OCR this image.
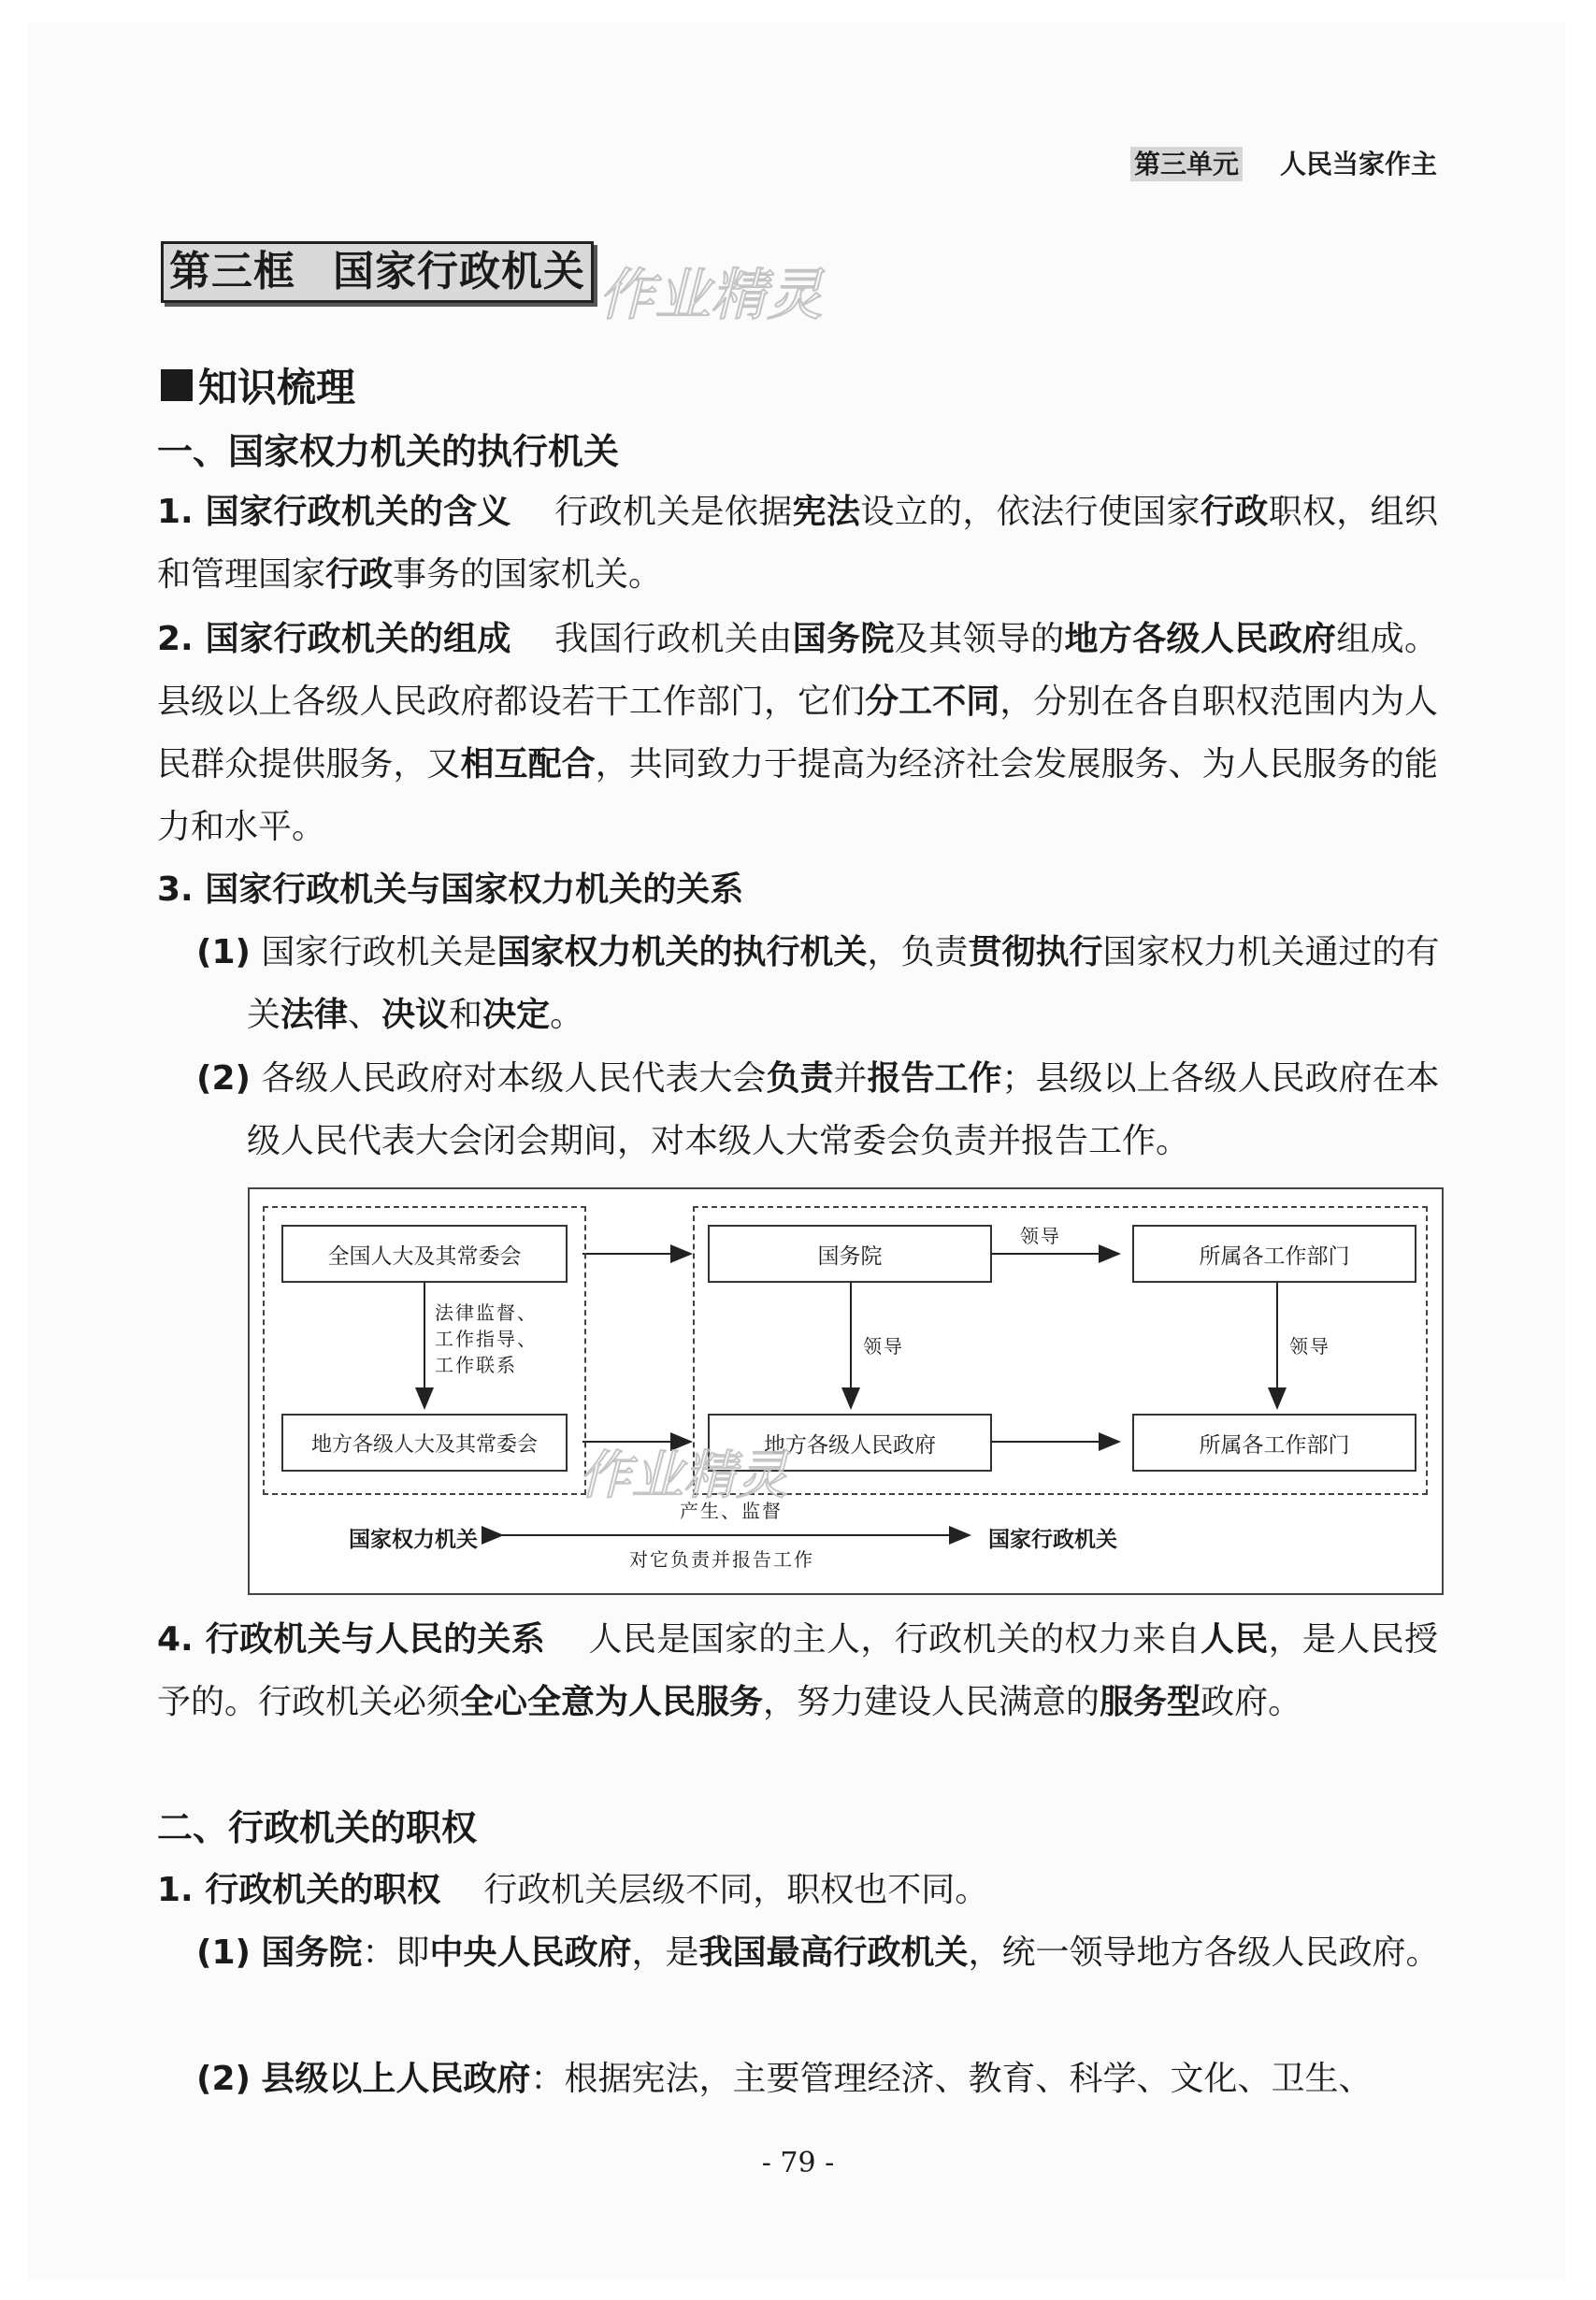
第三单元 人民当家作主
第三框 国家行政机关 作业精灵
知识梳理
一、国家权力机关的执行机关
1. 国家行政机关的含义 行政机关是依据宪法设立的，依法行使国家行政职权，组织和管理国家行政事务的国家机关。
2. 国家行政机关的组成 我国行政机关由国务院及其领导的地方各级人民政府组成。县级以上各级人民政府都设若干工作部门，它们分工不同，分别在各自职权范围内为人民群众提供服务，又相互配合，共同致力于提高为经济社会发展服务、为人民服务的能力和水平。
3. 国家行政机关与国家权力机关的关系
(1) 国家行政机关是国家权力机关的执行机关，负责贯彻执行国家权力机关通过的有关法律、决议和决定。
(2) 各级人民政府对本级人民代表大会负责并报告工作；县级以上各级人民政府在本级人民代表大会闭会期间，对本级人大常委会负责并报告工作。
全国人大及其常委会
地方各级人大及其常委会
国务院
地方各级人民政府
所属各工作部门
所属各工作部门
法律监督、
工作指导、
工作联系
领导
领导	领导
国家权力机关	国家行政机关
产生、监督
对它负责并报告工作
作业精灵
4. 行政机关与人民的关系 人民是国家的主人，行政机关的权力来自人民，是人民授予的。行政机关必须全心全意为人民服务，努力建设人民满意的服务型政府。
二、行政机关的职权
1. 行政机关的职权 行政机关层级不同，职权也不同。
(1) 国务院：即中央人民政府，是我国最高行政机关，统一领导地方各级人民政府。
(2) 县级以上人民政府：根据宪法，主要管理经济、教育、科学、文化、卫生、
- 79 -
